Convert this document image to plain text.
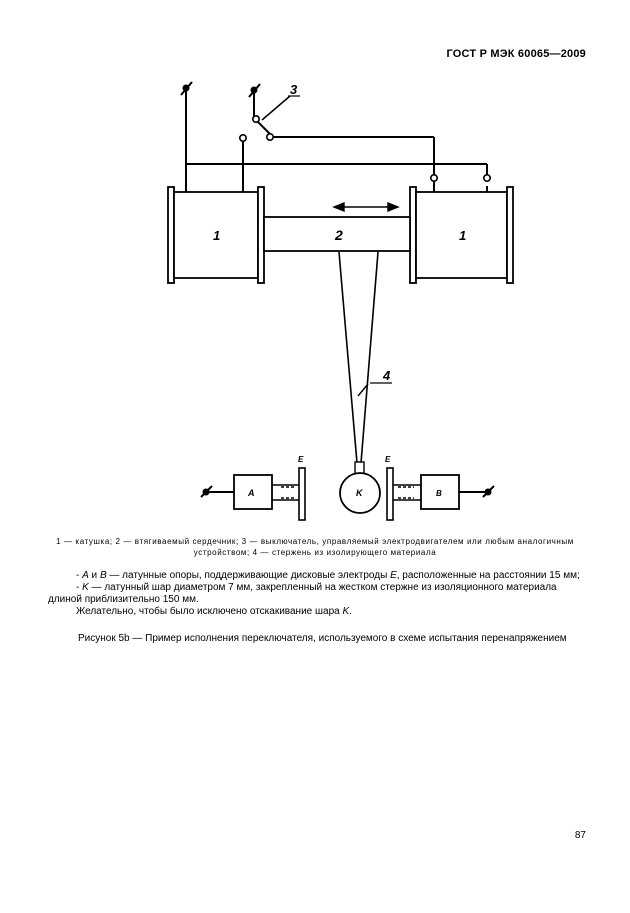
ГОСТ Р МЭК 60065—2009
3
1	2	1
4
E	E
A	K	B
1 — катушка; 2 — втягиваемый сердечник; 3 — выключатель, управляемый электродвигателем или любым аналогичным
устройством; 4 — стержень из изолирующего материала

- A и B — латунные опоры, поддерживающие дисковые электроды E, расположенные на расстоянии 15 мм;

- K — латунный шар диаметром 7 мм, закрепленный на жестком стержне из изоляционного материала длиной приблизительно 150 мм.

Желательно, чтобы было исключено отскакивание шара K.

Рисунок 5b — Пример исполнения переключателя, используемого в схеме испытания перенапряжением
87
